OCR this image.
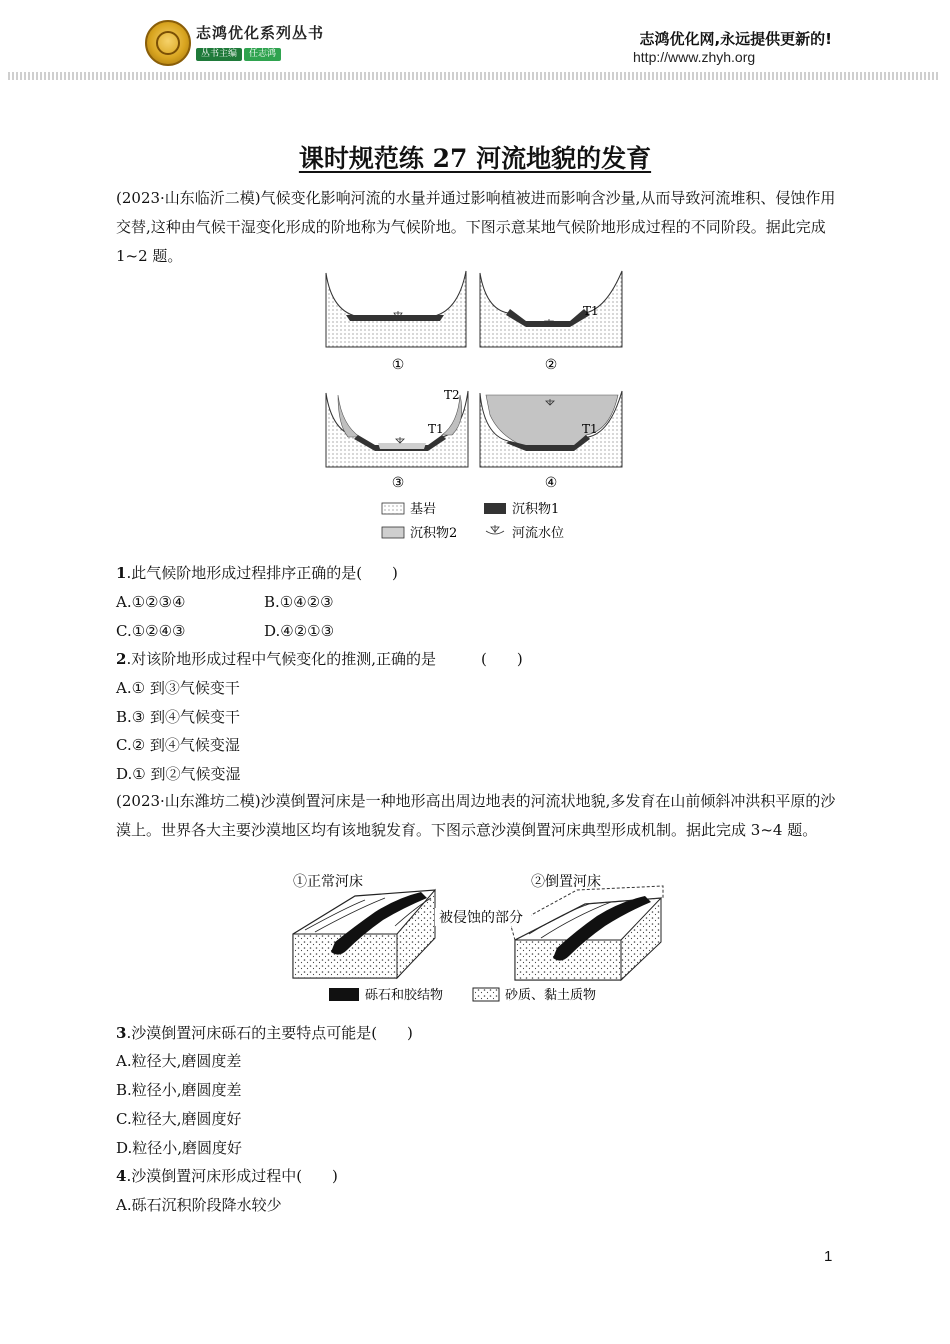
志鸿优化系列丛书
丛书主编 任志鸿
志鸿优化网,永远提供更新的!
http://www.zhyh.org
课时规范练 27 河流地貌的发育

(2023·山东临沂二模)气候变化影响河流的水量并通过影响植被进而影响含沙量,从而导致河流堆积、侵蚀作用交替,这种由气候干湿变化形成的阶地称为气候阶地。下图示意某地气候阶地形成过程的不同阶段。据此完成 1~2 题。

①
T1
②
T1
T2
③
T1
④
基岩	沉积物1
沉积物2	河流水位
1.此气候阶地形成过程排序正确的是(　　)
A.①②③④	B.①④②③
C.①②④③	D.④②①③
2.对该阶地形成过程中气候变化的推测,正确的是　　　(　　)
A.① 到③气候变干
B.③ 到④气候变干
C.② 到④气候变湿
D.① 到②气候变湿

(2023·山东潍坊二模)沙漠倒置河床是一种地形高出周边地表的河流状地貌,多发育在山前倾斜冲洪积平原的沙漠上。世界各大主要沙漠地区均有该地貌发育。下图示意沙漠倒置河床典型形成机制。据此完成 3~4 题。

①正常河床	②倒置河床
被侵蚀的部分
砾石和胶结物	砂质、黏土质物
3.沙漠倒置河床砾石的主要特点可能是(　　)
A.粒径大,磨圆度差
B.粒径小,磨圆度差
C.粒径大,磨圆度好
D.粒径小,磨圆度好
4.沙漠倒置河床形成过程中(　　)
A.砾石沉积阶段降水较少
1
